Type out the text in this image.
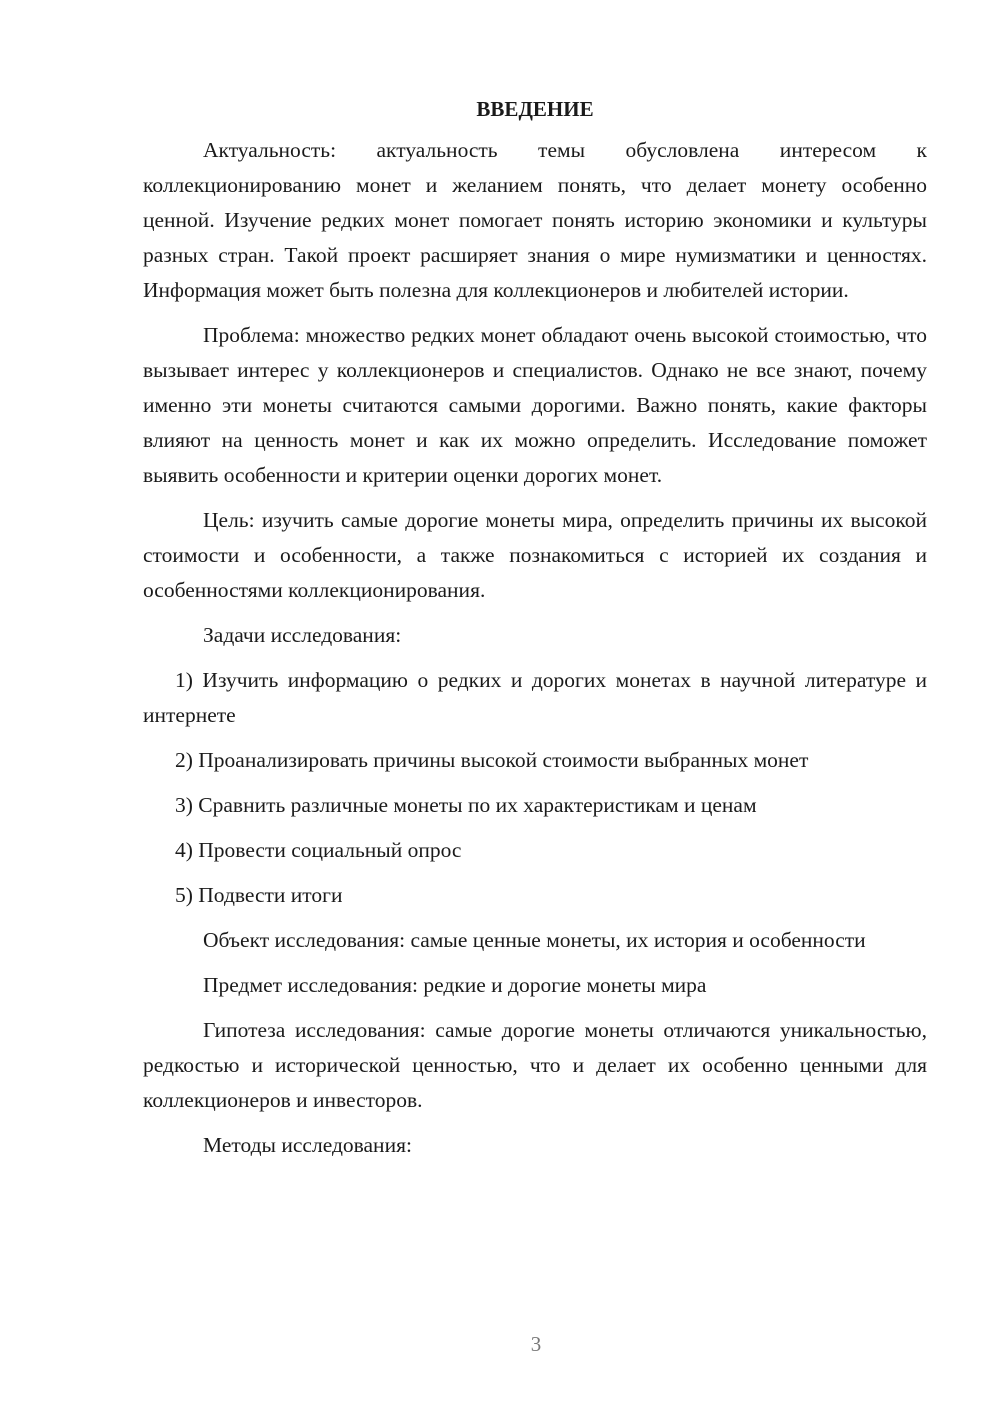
ВВЕДЕНИЕ

Актуальность: актуальность темы обусловлена интересом к коллекционированию монет и желанием понять, что делает монету особенно ценной. Изучение редких монет помогает понять историю экономики и культуры разных стран. Такой проект расширяет знания о мире нумизматики и ценностях. Информация может быть полезна для коллекционеров и любителей истории.

Проблема: множество редких монет обладают очень высокой стоимостью, что вызывает интерес у коллекционеров и специалистов. Однако не все знают, почему именно эти монеты считаются самыми дорогими. Важно понять, какие факторы влияют на ценность монет и как их можно определить. Исследование поможет выявить особенности и критерии оценки дорогих монет.

Цель: изучить самые дорогие монеты мира, определить причины их высокой стоимости и особенности, а также познакомиться с историей их создания и особенностями коллекционирования.

Задачи исследования:

1) Изучить информацию о редких и дорогих монетах в научной литературе и интернете

2) Проанализировать причины высокой стоимости выбранных монет

3) Сравнить различные монеты по их характеристикам и ценам

4) Провести социальный опрос

5) Подвести итоги

Объект исследования: самые ценные монеты, их история и особенности

Предмет исследования: редкие и дорогие монеты мира

Гипотеза исследования: самые дорогие монеты отличаются уникальностью, редкостью и исторической ценностью, что и делает их особенно ценными для коллекционеров и инвесторов.

Методы исследования:

3
